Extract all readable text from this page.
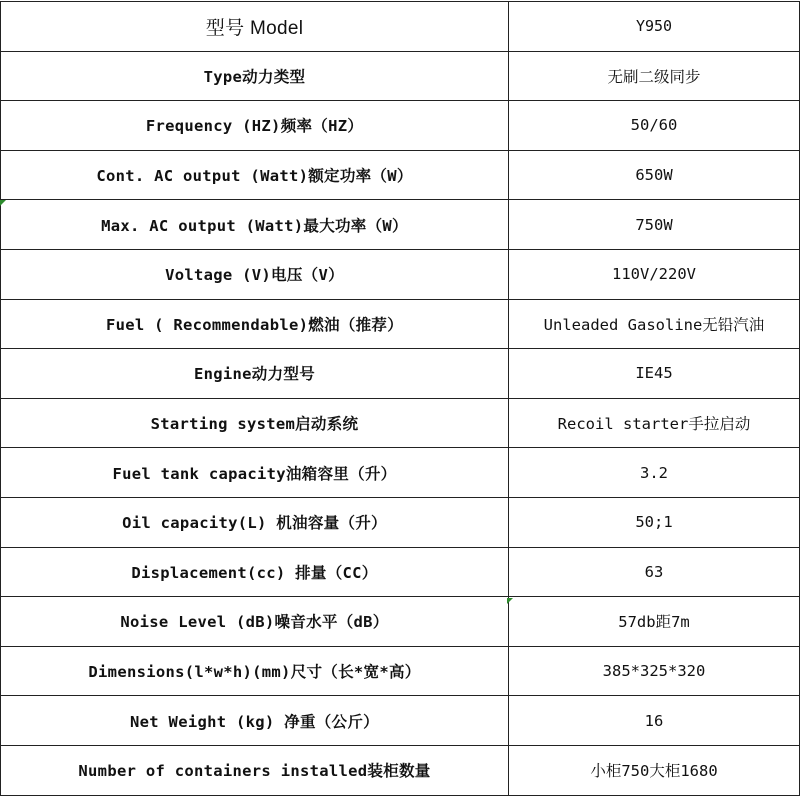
型号 Model	Y950
Type动力类型	无刷二级同步
Frequency (HZ)频率（HZ）	50/60
Cont. AC output (Watt)额定功率（W）	650W
Max. AC output (Watt)最大功率（W）	750W
Voltage (V)电压（V）	110V/220V
Fuel ( Recommendable)燃油（推荐）	Unleaded Gasoline无铅汽油
Engine动力型号	IE45
Starting system启动系统	Recoil starter手拉启动
Fuel tank capacity油箱容里（升）	3.2
Oil capacity(L) 机油容量（升）	50;1
Displacement(cc) 排量（CC）	63
Noise Level (dB)噪音水平（dB）	57db距7m
Dimensions(l*w*h)(mm)尺寸（长*宽*高）	385*325*320
Net Weight (kg) 净重（公斤）	16
Number of containers installed装柜数量	小柜750大柜1680
